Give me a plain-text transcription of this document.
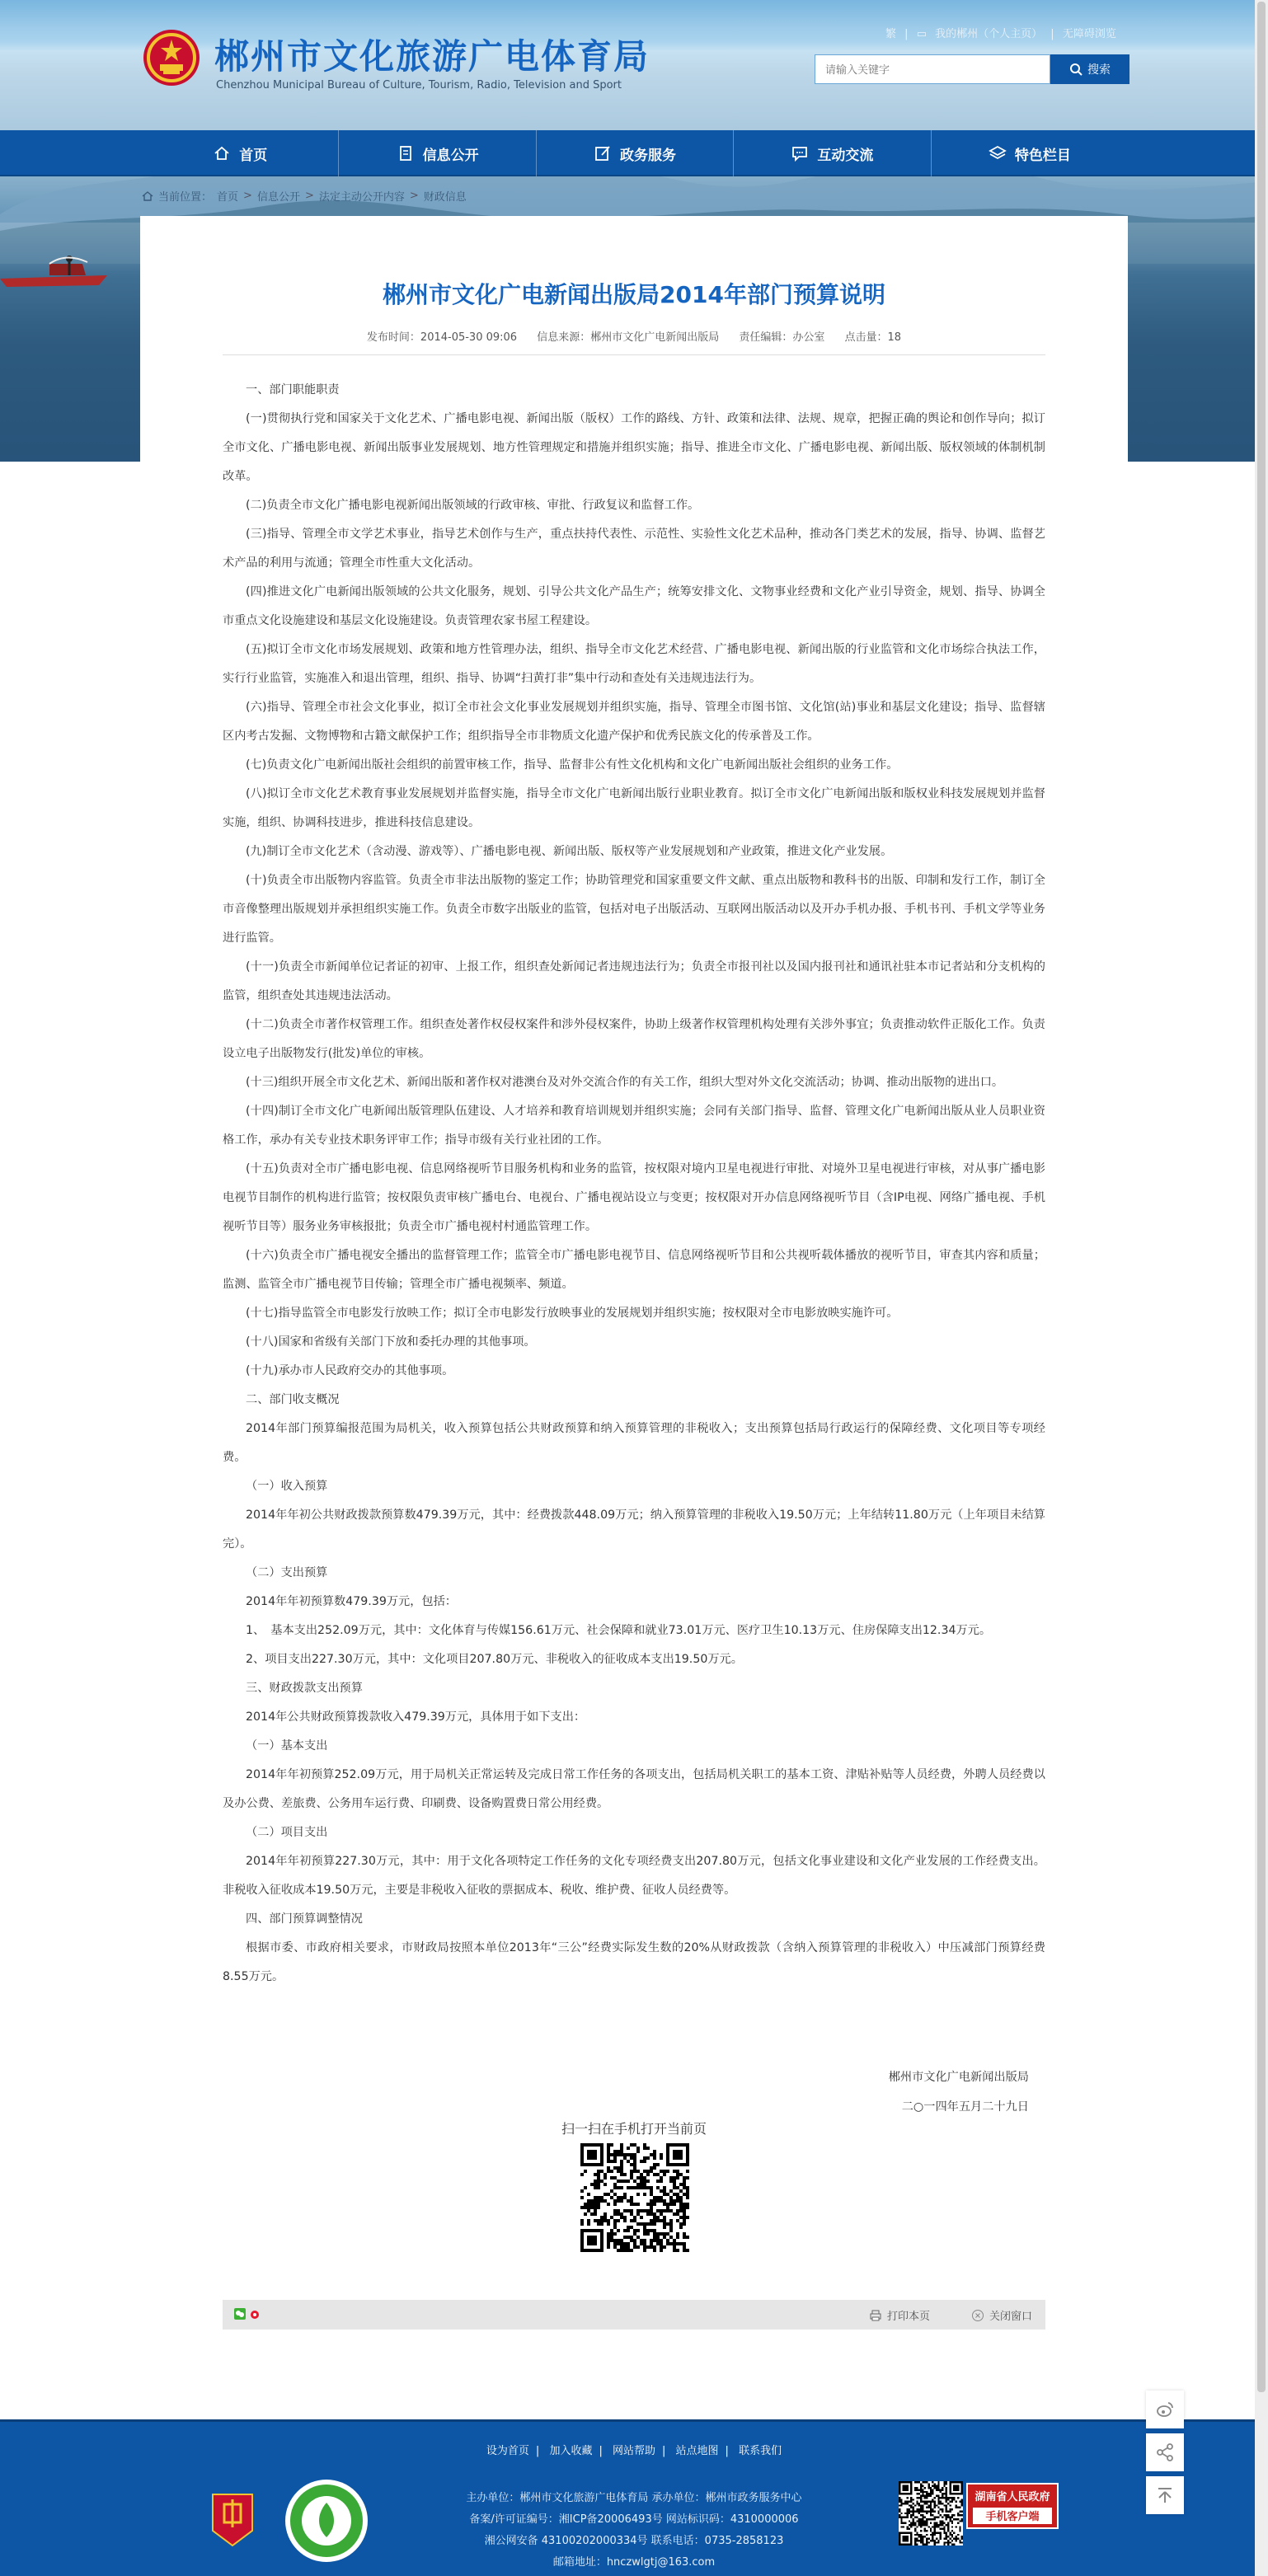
郴州市文化旅游广电体育局
Chenzhou Municipal Bureau of Culture, Tourism, Radio, Television and Sport
繁 | ▭ 我的郴州（个人主页） | 无障碍浏览
请输入关键字
搜索
首页	信息公开	政务服务	互动交流	特色栏目
当前位置： 首页 > 信息公开 > 法定主动公开内容 > 财政信息
郴州市文化广电新闻出版局2014年部门预算说明
发布时间：2014-05-30 09:06 信息来源：郴州市文化广电新闻出版局 责任编辑：办公室 点击量：18

一、部门职能职责

(一)贯彻执行党和国家关于文化艺术、广播电影电视、新闻出版（版权）工作的路线、方针、政策和法律、法规、规章，把握正确的舆论和创作导向；拟订全市文化、广播电影电视、新闻出版事业发展规划、地方性管理规定和措施并组织实施；指导、推进全市文化、广播电影电视、新闻出版、版权领域的体制机制改革。

(二)负责全市文化广播电影电视新闻出版领域的行政审核、审批、行政复议和监督工作。

(三)指导、管理全市文学艺术事业，指导艺术创作与生产，重点扶持代表性、示范性、实验性文化艺术品种，推动各门类艺术的发展，指导、协调、监督艺术产品的利用与流通；管理全市性重大文化活动。

(四)推进文化广电新闻出版领域的公共文化服务，规划、引导公共文化产品生产；统筹安排文化、文物事业经费和文化产业引导资金，规划、指导、协调全市重点文化设施建设和基层文化设施建设。负责管理农家书屋工程建设。

(五)拟订全市文化市场发展规划、政策和地方性管理办法，组织、指导全市文化艺术经营、广播电影电视、新闻出版的行业监管和文化市场综合执法工作，实行行业监管，实施准入和退出管理，组织、指导、协调“扫黄打非”集中行动和查处有关违规违法行为。

(六)指导、管理全市社会文化事业，拟订全市社会文化事业发展规划并组织实施，指导、管理全市图书馆、文化馆(站)事业和基层文化建设；指导、监督辖区内考古发掘、文物博物和古籍文献保护工作；组织指导全市非物质文化遗产保护和优秀民族文化的传承普及工作。

(七)负责文化广电新闻出版社会组织的前置审核工作，指导、监督非公有性文化机构和文化广电新闻出版社会组织的业务工作。

(八)拟订全市文化艺术教育事业发展规划并监督实施，指导全市文化广电新闻出版行业职业教育。拟订全市文化广电新闻出版和版权业科技发展规划并监督实施，组织、协调科技进步，推进科技信息建设。

(九)制订全市文化艺术（含动漫、游戏等）、广播电影电视、新闻出版、版权等产业发展规划和产业政策，推进文化产业发展。

(十)负责全市出版物内容监管。负责全市非法出版物的鉴定工作；协助管理党和国家重要文件文献、重点出版物和教科书的出版、印制和发行工作，制订全市音像整理出版规划并承担组织实施工作。负责全市数字出版业的监管，包括对电子出版活动、互联网出版活动以及开办手机办报、手机书刊、手机文学等业务进行监管。

(十一)负责全市新闻单位记者证的初审、上报工作，组织查处新闻记者违规违法行为；负责全市报刊社以及国内报刊社和通讯社驻本市记者站和分支机构的监管，组织查处其违规违法活动。

(十二)负责全市著作权管理工作。组织查处著作权侵权案件和涉外侵权案件，协助上级著作权管理机构处理有关涉外事宜；负责推动软件正版化工作。负责设立电子出版物发行(批发)单位的审核。

(十三)组织开展全市文化艺术、新闻出版和著作权对港澳台及对外交流合作的有关工作，组织大型对外文化交流活动；协调、推动出版物的进出口。

(十四)制订全市文化广电新闻出版管理队伍建设、人才培养和教育培训规划并组织实施；会同有关部门指导、监督、管理文化广电新闻出版从业人员职业资格工作，承办有关专业技术职务评审工作；指导市级有关行业社团的工作。

(十五)负责对全市广播电影电视、信息网络视听节目服务机构和业务的监管，按权限对境内卫星电视进行审批、对境外卫星电视进行审核，对从事广播电影电视节目制作的机构进行监管；按权限负责审核广播电台、电视台、广播电视站设立与变更；按权限对开办信息网络视听节目（含IP电视、网络广播电视、手机视听节目等）服务业务审核报批；负责全市广播电视村村通监管理工作。

(十六)负责全市广播电视安全播出的监督管理工作；监管全市广播电影电视节目、信息网络视听节目和公共视听载体播放的视听节目，审查其内容和质量；监测、监管全市广播电视节目传输；管理全市广播电视频率、频道。

(十七)指导监管全市电影发行放映工作；拟订全市电影发行放映事业的发展规划并组织实施；按权限对全市电影放映实施许可。

(十八)国家和省级有关部门下放和委托办理的其他事项。

(十九)承办市人民政府交办的其他事项。

二、部门收支概况

2014年部门预算编报范围为局机关，收入预算包括公共财政预算和纳入预算管理的非税收入；支出预算包括局行政运行的保障经费、文化项目等专项经费。

（一）收入预算

2014年年初公共财政拨款预算数479.39万元，其中：经费拨款448.09万元；纳入预算管理的非税收入19.50万元；上年结转11.80万元（上年项目未结算完）。

（二）支出预算

2014年年初预算数479.39万元，包括：

1、　基本支出252.09万元，其中：文化体育与传媒156.61万元、社会保障和就业73.01万元、医疗卫生10.13万元、住房保障支出12.34万元。

2、项目支出227.30万元，其中：文化项目207.80万元、非税收入的征收成本支出19.50万元。

三、财政拨款支出预算

2014年公共财政预算拨款收入479.39万元，具体用于如下支出：

（一）基本支出

2014年年初预算252.09万元，用于局机关正常运转及完成日常工作任务的各项支出，包括局机关职工的基本工资、津贴补贴等人员经费，外聘人员经费以及办公费、差旅费、公务用车运行费、印刷费、设备购置费日常公用经费。

（二）项目支出

2014年年初预算227.30万元，其中：用于文化各项特定工作任务的文化专项经费支出207.80万元，包括文化事业建设和文化产业发展的工作经费支出。非税收入征收成本19.50万元，主要是非税收入征收的票据成本、税收、维护费、征收人员经费等。

四、部门预算调整情况

根据市委、市政府相关要求，市财政局按照本单位2013年“三公”经费实际发生数的20%从财政拨款（含纳入预算管理的非税收入）中压减部门预算经费8.55万元。

郴州市文化广电新闻出版局

二○一四年五月二十九日

扫一扫在手机打开当前页
打印本页	关闭窗口
设为首页 | 加入收藏 | 网站帮助 | 站点地图 | 联系我们
主办单位：郴州市文化旅游广电体育局 承办单位：郴州市政务服务中心
备案/许可证编号：湘ICP备20006493号 网站标识码：4310000006
湘公网安备 43100202000334号 联系电话：0735-2858123
邮箱地址：hnczwlgtj@163.com
湖南省人民政府
手机客户端
